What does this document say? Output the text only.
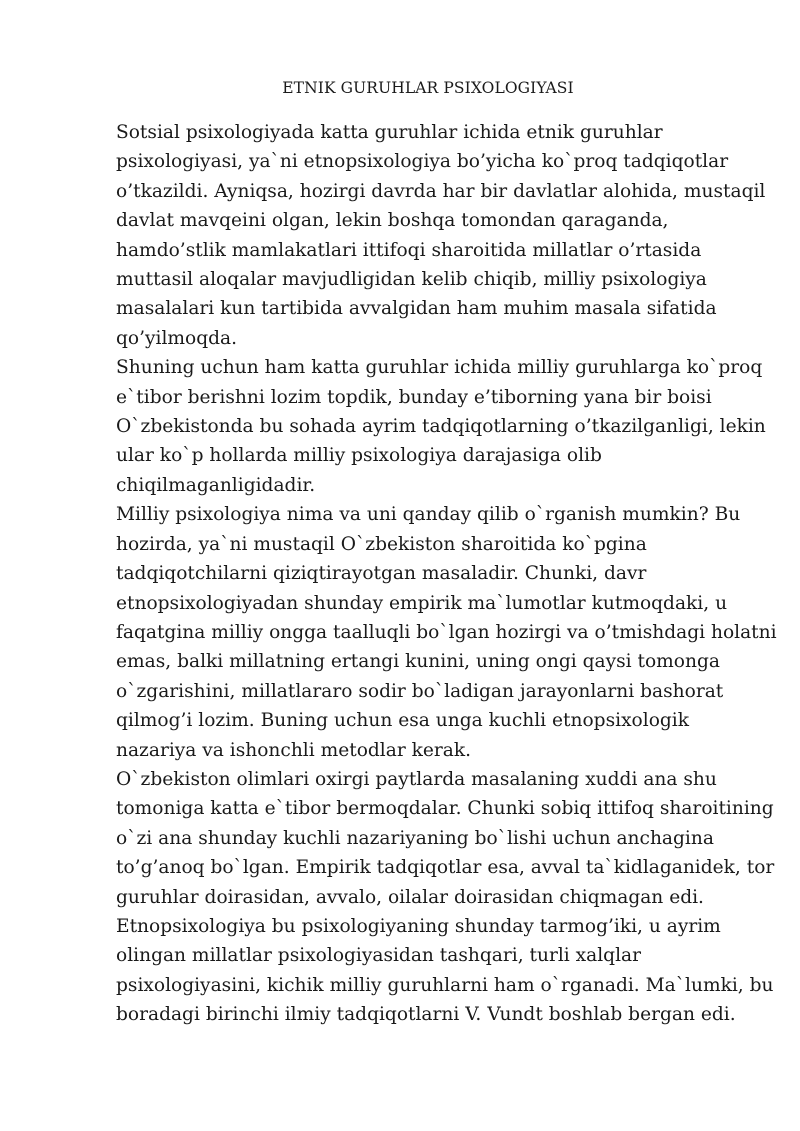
ETNIK GURUHLAR PSIXOLOGIYASI
Sotsial psixologiyada katta guruhlar ichida etnik guruhlar
psixologiyasi, ya`ni etnopsixologiya bo’yicha ko`proq tadqiqotlar
o’tkazildi. Ayniqsa, hozirgi davrda har bir davlatlar alohida, mustaqil
davlat mavqeini olgan, lekin boshqa tomondan qaraganda,
hamdo’stlik mamlakatlari ittifoqi sharoitida millatlar o’rtasida
muttasil aloqalar mavjudligidan kelib chiqib, milliy psixologiya
masalalari kun tartibida avvalgidan ham muhim masala sifatida
qo’yilmoqda.
Shuning uchun ham katta guruhlar ichida milliy guruhlarga ko`proq
e`tibor berishni lozim topdik, bunday e’tiborning yana bir boisi
O`zbekistonda bu sohada ayrim tadqiqotlarning o’tkazilganligi, lekin
ular ko`p hollarda milliy psixologiya darajasiga olib
chiqilmaganligidadir.
Milliy psixologiya nima va uni qanday qilib o`rganish mumkin? Bu
hozirda, ya`ni mustaqil O`zbekiston sharoitida ko`pgina
tadqiqotchilarni qiziqtirayotgan masaladir. Chunki, davr
etnopsixologiyadan shunday empirik ma`lumotlar kutmoqdaki, u
faqatgina milliy ongga taalluqli bo`lgan hozirgi va o’tmishdagi holatni
emas, balki millatning ertangi kunini, uning ongi qaysi tomonga
o`zgarishini, millatlararo sodir bo`ladigan jarayonlarni bashorat
qilmog’i lozim. Buning uchun esa unga kuchli etnopsixologik
nazariya va ishonchli metodlar kerak.
O`zbekiston olimlari oxirgi paytlarda masalaning xuddi ana shu
tomoniga katta e`tibor bermoqdalar. Chunki sobiq ittifoq sharoitining
o`zi ana shunday kuchli nazariyaning bo`lishi uchun anchagina
to’g’anoq bo`lgan. Empirik tadqiqotlar esa, avval ta`kidlaganidek, tor
guruhlar doirasidan, avvalo, oilalar doirasidan chiqmagan edi.
Etnopsixologiya bu psixologiyaning shunday tarmog’iki, u ayrim
olingan millatlar psixologiyasidan tashqari, turli xalqlar
psixologiyasini, kichik milliy guruhlarni ham o`rganadi. Ma`lumki, bu
boradagi birinchi ilmiy tadqiqotlarni V. Vundt boshlab bergan edi.
